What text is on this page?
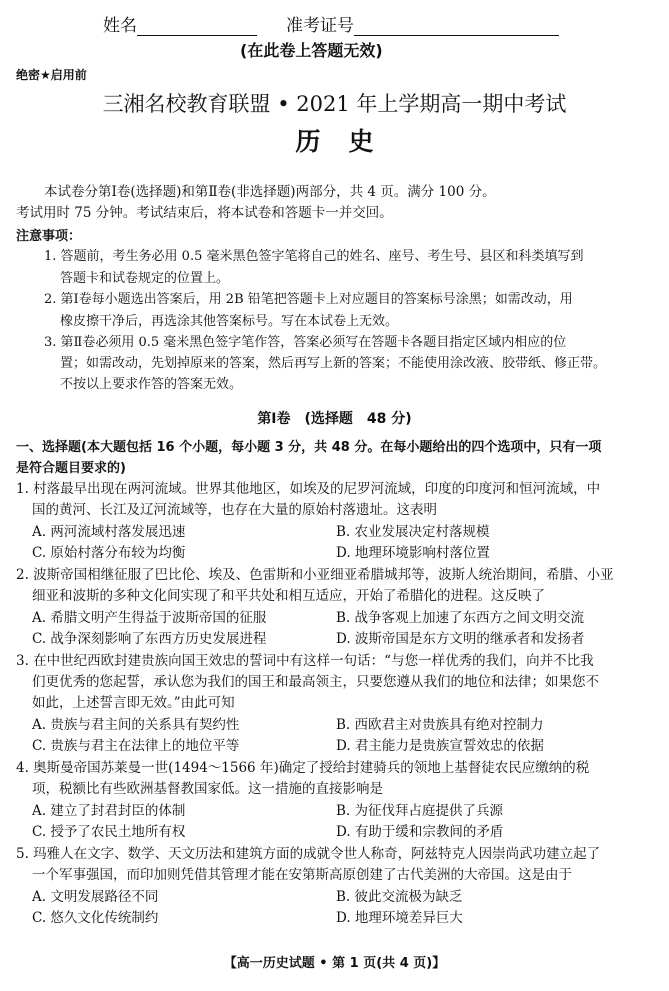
姓名	准考证号
(在此卷上答题无效)
绝密★启用前
三湘名校教育联盟 • 2021 年上学期高一期中考试
历史
本试卷分第Ⅰ卷(选择题)和第Ⅱ卷(非选择题)两部分，共 4 页。满分 100 分。
考试用时 75 分钟。考试结束后，将本试卷和答题卡一并交回。
注意事项：
1. 答题前，考生务必用 0.5 毫米黑色签字笔将自己的姓名、座号、考生号、县区和科类填写到
答题卡和试卷规定的位置上。
2. 第Ⅰ卷每小题选出答案后，用 2B 铅笔把答题卡上对应题目的答案标号涂黑；如需改动，用
橡皮擦干净后，再选涂其他答案标号。写在本试卷上无效。
3. 第Ⅱ卷必须用 0.5 毫米黑色签字笔作答，答案必须写在答题卡各题目指定区域内相应的位
置；如需改动，先划掉原来的答案，然后再写上新的答案；不能使用涂改液、胶带纸、修正带。
不按以上要求作答的答案无效。
第Ⅰ卷　(选择题　48 分)
一、选择题(本大题包括 16 个小题，每小题 3 分，共 48 分。在每小题给出的四个选项中，只有一项
是符合题目要求的)
1. 村落最早出现在两河流域。世界其他地区，如埃及的尼罗河流域，印度的印度河和恒河流域，中
国的黄河、长江及辽河流域等，也存在大量的原始村落遗址。这表明
A. 两河流域村落发展迅速	B. 农业发展决定村落规模
C. 原始村落分布较为均衡	D. 地理环境影响村落位置
2. 波斯帝国相继征服了巴比伦、埃及、色雷斯和小亚细亚希腊城邦等，波斯人统治期间，希腊、小亚
细亚和波斯的多种文化间实现了和平共处和相互适应，开始了希腊化的进程。这反映了
A. 希腊文明产生得益于波斯帝国的征服	B. 战争客观上加速了东西方之间文明交流
C. 战争深刻影响了东西方历史发展进程	D. 波斯帝国是东方文明的继承者和发扬者
3. 在中世纪西欧封建贵族向国王效忠的誓词中有这样一句话：“与您一样优秀的我们，向并不比我
们更优秀的您起誓，承认您为我们的国王和最高领主，只要您遵从我们的地位和法律；如果您不
如此，上述誓言即无效。”由此可知
A. 贵族与君主间的关系具有契约性	B. 西欧君主对贵族具有绝对控制力
C. 贵族与君主在法律上的地位平等	D. 君主能力是贵族宣誓效忠的依据
4. 奥斯曼帝国苏莱曼一世(1494～1566 年)确定了授给封建骑兵的领地上基督徒农民应缴纳的税
项，税额比有些欧洲基督教国家低。这一措施的直接影响是
A. 建立了封君封臣的体制	B. 为征伐拜占庭提供了兵源
C. 授予了农民土地所有权	D. 有助于缓和宗教间的矛盾
5. 玛雅人在文字、数学、天文历法和建筑方面的成就令世人称奇，阿兹特克人因崇尚武功建立起了
一个军事强国，而印加则凭借其管理才能在安第斯高原创建了古代美洲的大帝国。这是由于
A. 文明发展路径不同	B. 彼此交流极为缺乏
C. 悠久文化传统制约	D. 地理环境差异巨大
【高一历史试题 • 第 1 页(共 4 页)】
